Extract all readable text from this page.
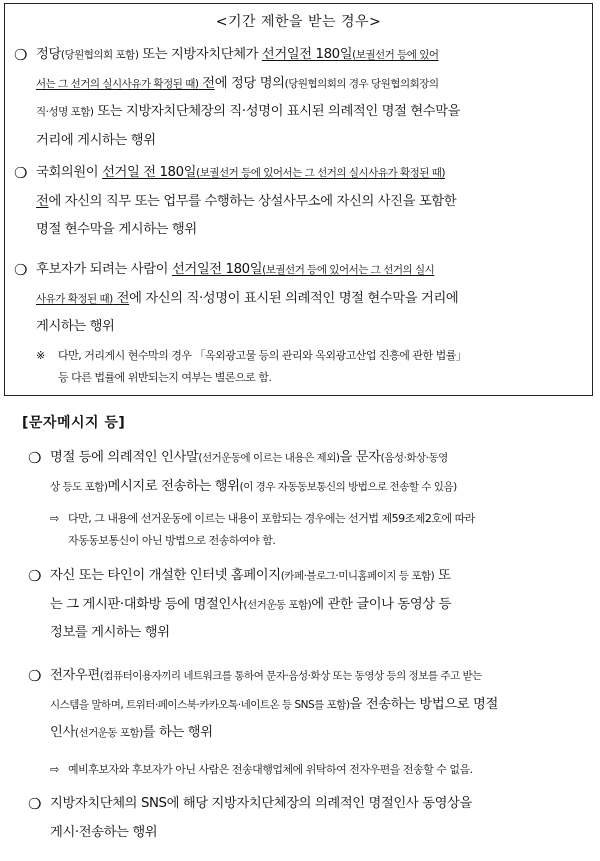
<기간 제한을 받는 경우>
❍ 정당(당원협의회 포함) 또는 지방자치단체가 선거일전 180일(보궐선거 등에 있어
서는 그 선거의 실시사유가 확정된 때) 전에 정당 명의(당원협의회의 경우 당원협의회장의
직·성명 포함) 또는 지방자치단체장의 직·성명이 표시된 의례적인 명절 현수막을
거리에 게시하는 행위
❍ 국회의원이 선거일 전 180일(보궐선거 등에 있어서는 그 선거의 실시사유가 확정된 때)
전에 자신의 직무 또는 업무를 수행하는 상설사무소에 자신의 사진을 포함한
명절 현수막을 게시하는 행위
❍ 후보자가 되려는 사람이 선거일전 180일(보궐선거 등에 있어서는 그 선거의 실시
사유가 확정된 때) 전에 자신의 직·성명이 표시된 의례적인 명절 현수막을 거리에
게시하는 행위
※	다만, 거리게시 현수막의 경우 「옥외광고물 등의 관리와 옥외광고산업 진흥에 관한 법률」
등 다른 법률에 위반되는지 여부는 별론으로 함.
[문자메시지 등]
❍ 명절 등에 의례적인 인사말(선거운동에 이르는 내용은 제외)을 문자(음성·화상·동영
상 등도 포함)메시지로 전송하는 행위(이 경우 자동동보통신의 방법으로 전송할 수 있음)
⇨ 다만, 그 내용에 선거운동에 이르는 내용이 포함되는 경우에는 선거법 제59조제2호에 따라
자동동보통신이 아닌 방법으로 전송하여야 함.
❍ 자신 또는 타인이 개설한 인터넷 홈페이지(카페·블로그·미니홈페이지 등 포함) 또
는 그 게시판·대화방 등에 명절인사(선거운동 포함)에 관한 글이나 동영상 등
정보를 게시하는 행위
❍ 전자우편(컴퓨터이용자끼리 네트워크를 통하여 문자·음성·화상 또는 동영상 등의 정보를 주고 받는
시스템을 말하며, 트위터·페이스북·카카오톡·네이트온 등 SNS를 포함)을 전송하는 방법으로 명절
인사(선거운동 포함)를 하는 행위
⇨ 예비후보자와 후보자가 아닌 사람은 전송대행업체에 위탁하여 전자우편을 전송할 수 없음.
❍ 지방자치단체의 SNS에 해당 지방자치단체장의 의례적인 명절인사 동영상을
게시·전송하는 행위
